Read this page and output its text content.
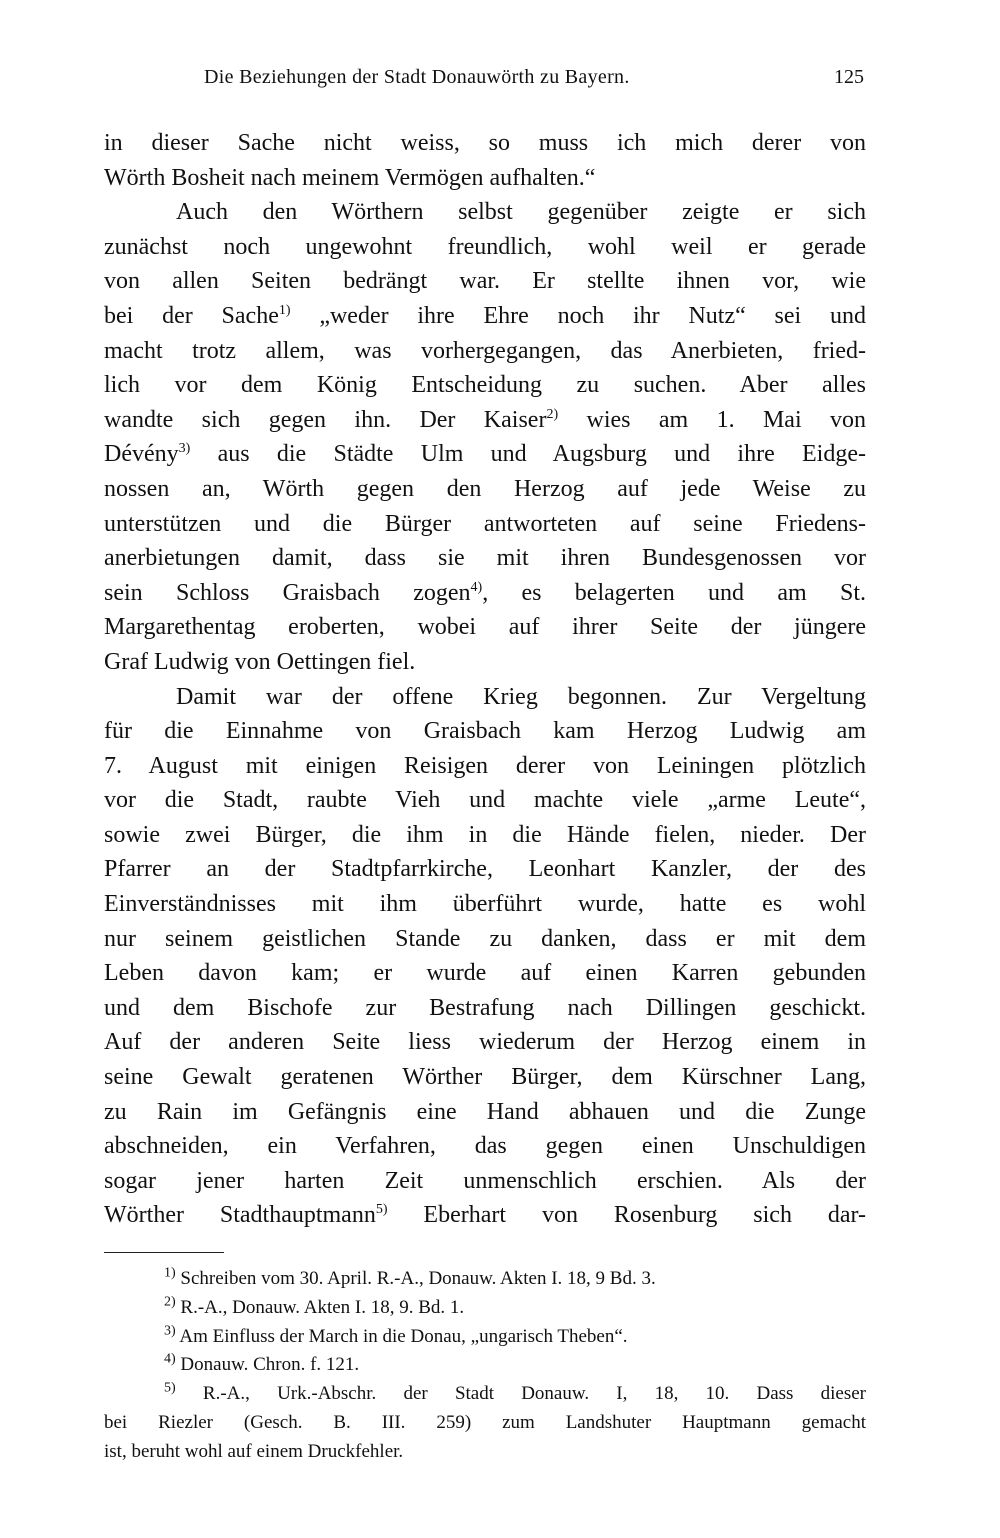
Die Beziehungen der Stadt Donauwörth zu Bayern.	125
in dieser Sache nicht weiss, so muss ich mich derer von
Wörth Bosheit nach meinem Vermögen aufhalten.“
Auch den Wörthern selbst gegenüber zeigte er sich
zunächst noch ungewohnt freundlich, wohl weil er gerade
von allen Seiten bedrängt war. Er stellte ihnen vor, wie
bei der Sache$^{1)}$ „weder ihre Ehre noch ihr Nutz“ sei und
macht trotz allem, was vorhergegangen, das Anerbieten, fried-
lich vor dem König Entscheidung zu suchen. Aber alles
wandte sich gegen ihn. Der Kaiser$^{2)}$ wies am 1. Mai von
Dévény$^{3)}$ aus die Städte Ulm und Augsburg und ihre Eidge-
nossen an, Wörth gegen den Herzog auf jede Weise zu
unterstützen und die Bürger antworteten auf seine Friedens-
anerbietungen damit, dass sie mit ihren Bundesgenossen vor
sein Schloss Graisbach zogen$^{4)}$, es belagerten und am St.
Margarethentag eroberten, wobei auf ihrer Seite der jüngere
Graf Ludwig von Oettingen fiel.
Damit war der offene Krieg begonnen. Zur Vergeltung
für die Einnahme von Graisbach kam Herzog Ludwig am
7. August mit einigen Reisigen derer von Leiningen plötzlich
vor die Stadt, raubte Vieh und machte viele „arme Leute“,
sowie zwei Bürger, die ihm in die Hände fielen, nieder. Der
Pfarrer an der Stadtpfarrkirche, Leonhart Kanzler, der des
Einverständnisses mit ihm überführt wurde, hatte es wohl
nur seinem geistlichen Stande zu danken, dass er mit dem
Leben davon kam; er wurde auf einen Karren gebunden
und dem Bischofe zur Bestrafung nach Dillingen geschickt.
Auf der anderen Seite liess wiederum der Herzog einem in
seine Gewalt geratenen Wörther Bürger, dem Kürschner Lang,
zu Rain im Gefängnis eine Hand abhauen und die Zunge
abschneiden, ein Verfahren, das gegen einen Unschuldigen
sogar jener harten Zeit unmenschlich erschien. Als der
Wörther Stadthauptmann$^{5)}$ Eberhart von Rosenburg sich dar-
$^{1)}$ Schreiben vom 30. April. R.-A., Donauw. Akten I. 18, 9 Bd. 3.
$^{2)}$ R.-A., Donauw. Akten I. 18, 9. Bd. 1.
$^{3)}$ Am Einfluss der March in die Donau, „ungarisch Theben“.
$^{4)}$ Donauw. Chron. f. 121.
$^{5)}$ R.-A., Urk.-Abschr. der Stadt Donauw. I, 18, 10. Dass dieser
bei Riezler (Gesch. B. III. 259) zum Landshuter Hauptmann gemacht
ist, beruht wohl auf einem Druckfehler.
